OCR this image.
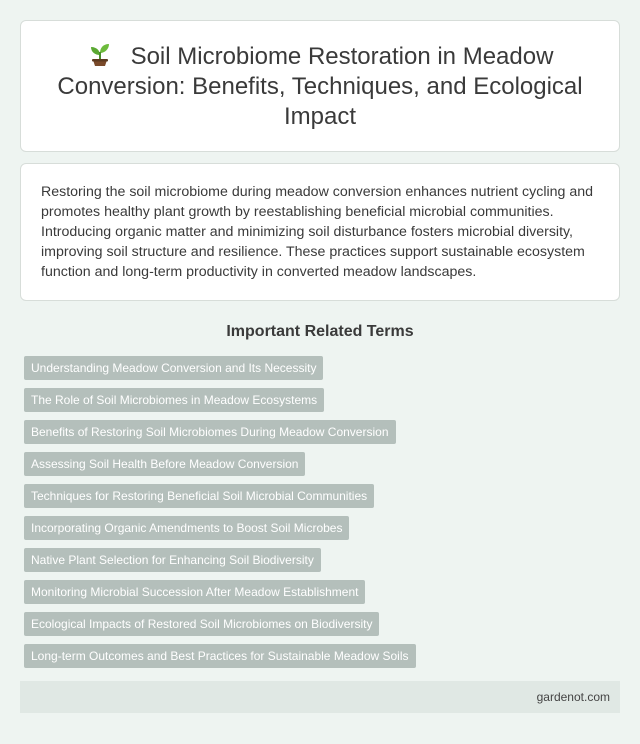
Soil Microbiome Restoration in Meadow Conversion: Benefits, Techniques, and Ecological Impact

Restoring the soil microbiome during meadow conversion enhances nutrient cycling and promotes healthy plant growth by reestablishing beneficial microbial communities. Introducing organic matter and minimizing soil disturbance fosters microbial diversity, improving soil structure and resilience. These practices support sustainable ecosystem function and long-term productivity in converted meadow landscapes.

Important Related Terms
Understanding Meadow Conversion and Its Necessity
The Role of Soil Microbiomes in Meadow Ecosystems
Benefits of Restoring Soil Microbiomes During Meadow Conversion
Assessing Soil Health Before Meadow Conversion
Techniques for Restoring Beneficial Soil Microbial Communities
Incorporating Organic Amendments to Boost Soil Microbes
Native Plant Selection for Enhancing Soil Biodiversity
Monitoring Microbial Succession After Meadow Establishment
Ecological Impacts of Restored Soil Microbiomes on Biodiversity
Long-term Outcomes and Best Practices for Sustainable Meadow Soils
gardenot.com
